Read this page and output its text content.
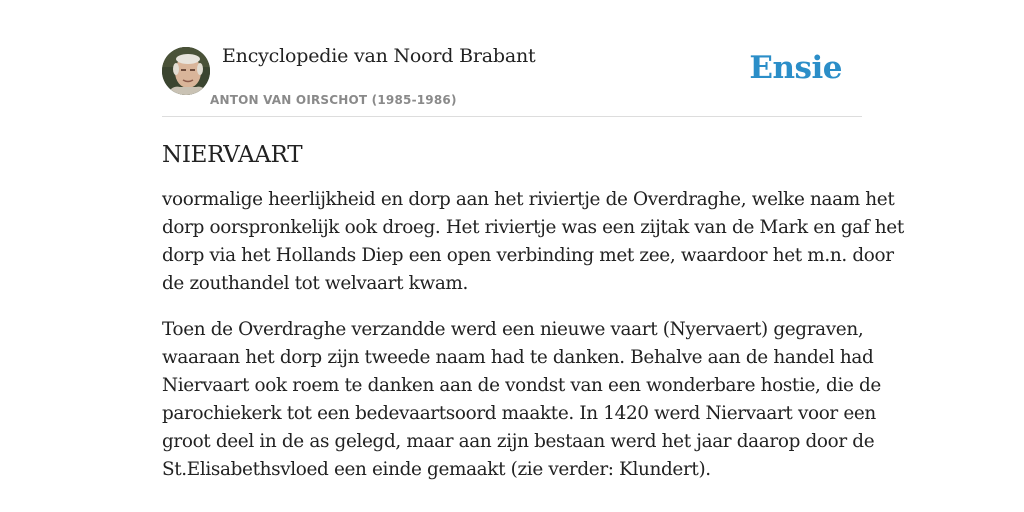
Encyclopedie van Noord Brabant
ANTON VAN OIRSCHOT (1985-1986)
Ensie
NIERVAART

voormalige heerlijkheid en dorp aan het riviertje de Overdraghe, welke naam het
dorp oorspronkelijk ook droeg. Het riviertje was een zijtak van de Mark en gaf het
dorp via het Hollands Diep een open verbinding met zee, waardoor het m.n. door
de zouthandel tot welvaart kwam.

Toen de Overdraghe verzandde werd een nieuwe vaart (Nyervaert) gegraven,
waaraan het dorp zijn tweede naam had te danken. Behalve aan de handel had
Niervaart ook roem te danken aan de vondst van een wonderbare hostie, die de
parochiekerk tot een bedevaartsoord maakte. In 1420 werd Niervaart voor een
groot deel in de as gelegd, maar aan zijn bestaan werd het jaar daarop door de
St.Elisabethsvloed een einde gemaakt (zie verder: Klundert).
